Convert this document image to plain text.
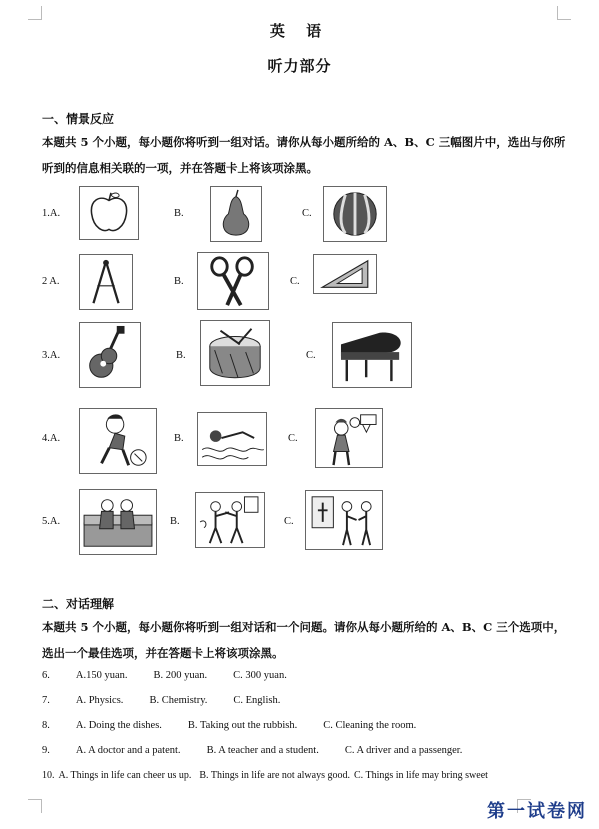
英 语
听力部分
一、情景反应
本题共 5 个小题，每小题你将听到一组对话。请你从每小题所给的 A、B、C 三幅图片中，选出与你所听到的信息相关联的一项，并在答题卡上将该项涂黑。
1.A.	B.	C.
2 A.	B.	C.
3.A.	B.	C.
4.A.	B.	C.
5.A.	B.	C.
二、对话理解
本题共 5 个小题，每小题你将听到一组对话和一个问题。请你从每小题所给的 A、B、C 三个选项中，选出一个最佳选项，并在答题卡上将该项涂黑。
6. A.150 yuan. B. 200 yuan. C. 300 yuan.
7. A. Physics. B. Chemistry. C. English.
8. A. Doing the dishes. B. Taking out the rubbish. C. Cleaning the room.
9. A. A doctor and a patent. B. A teacher and a student. C. A driver and a passenger.
10. A. Things in life can cheer us up. B. Things in life are not always good. C. Things in life may bring sweet
第一试卷网
